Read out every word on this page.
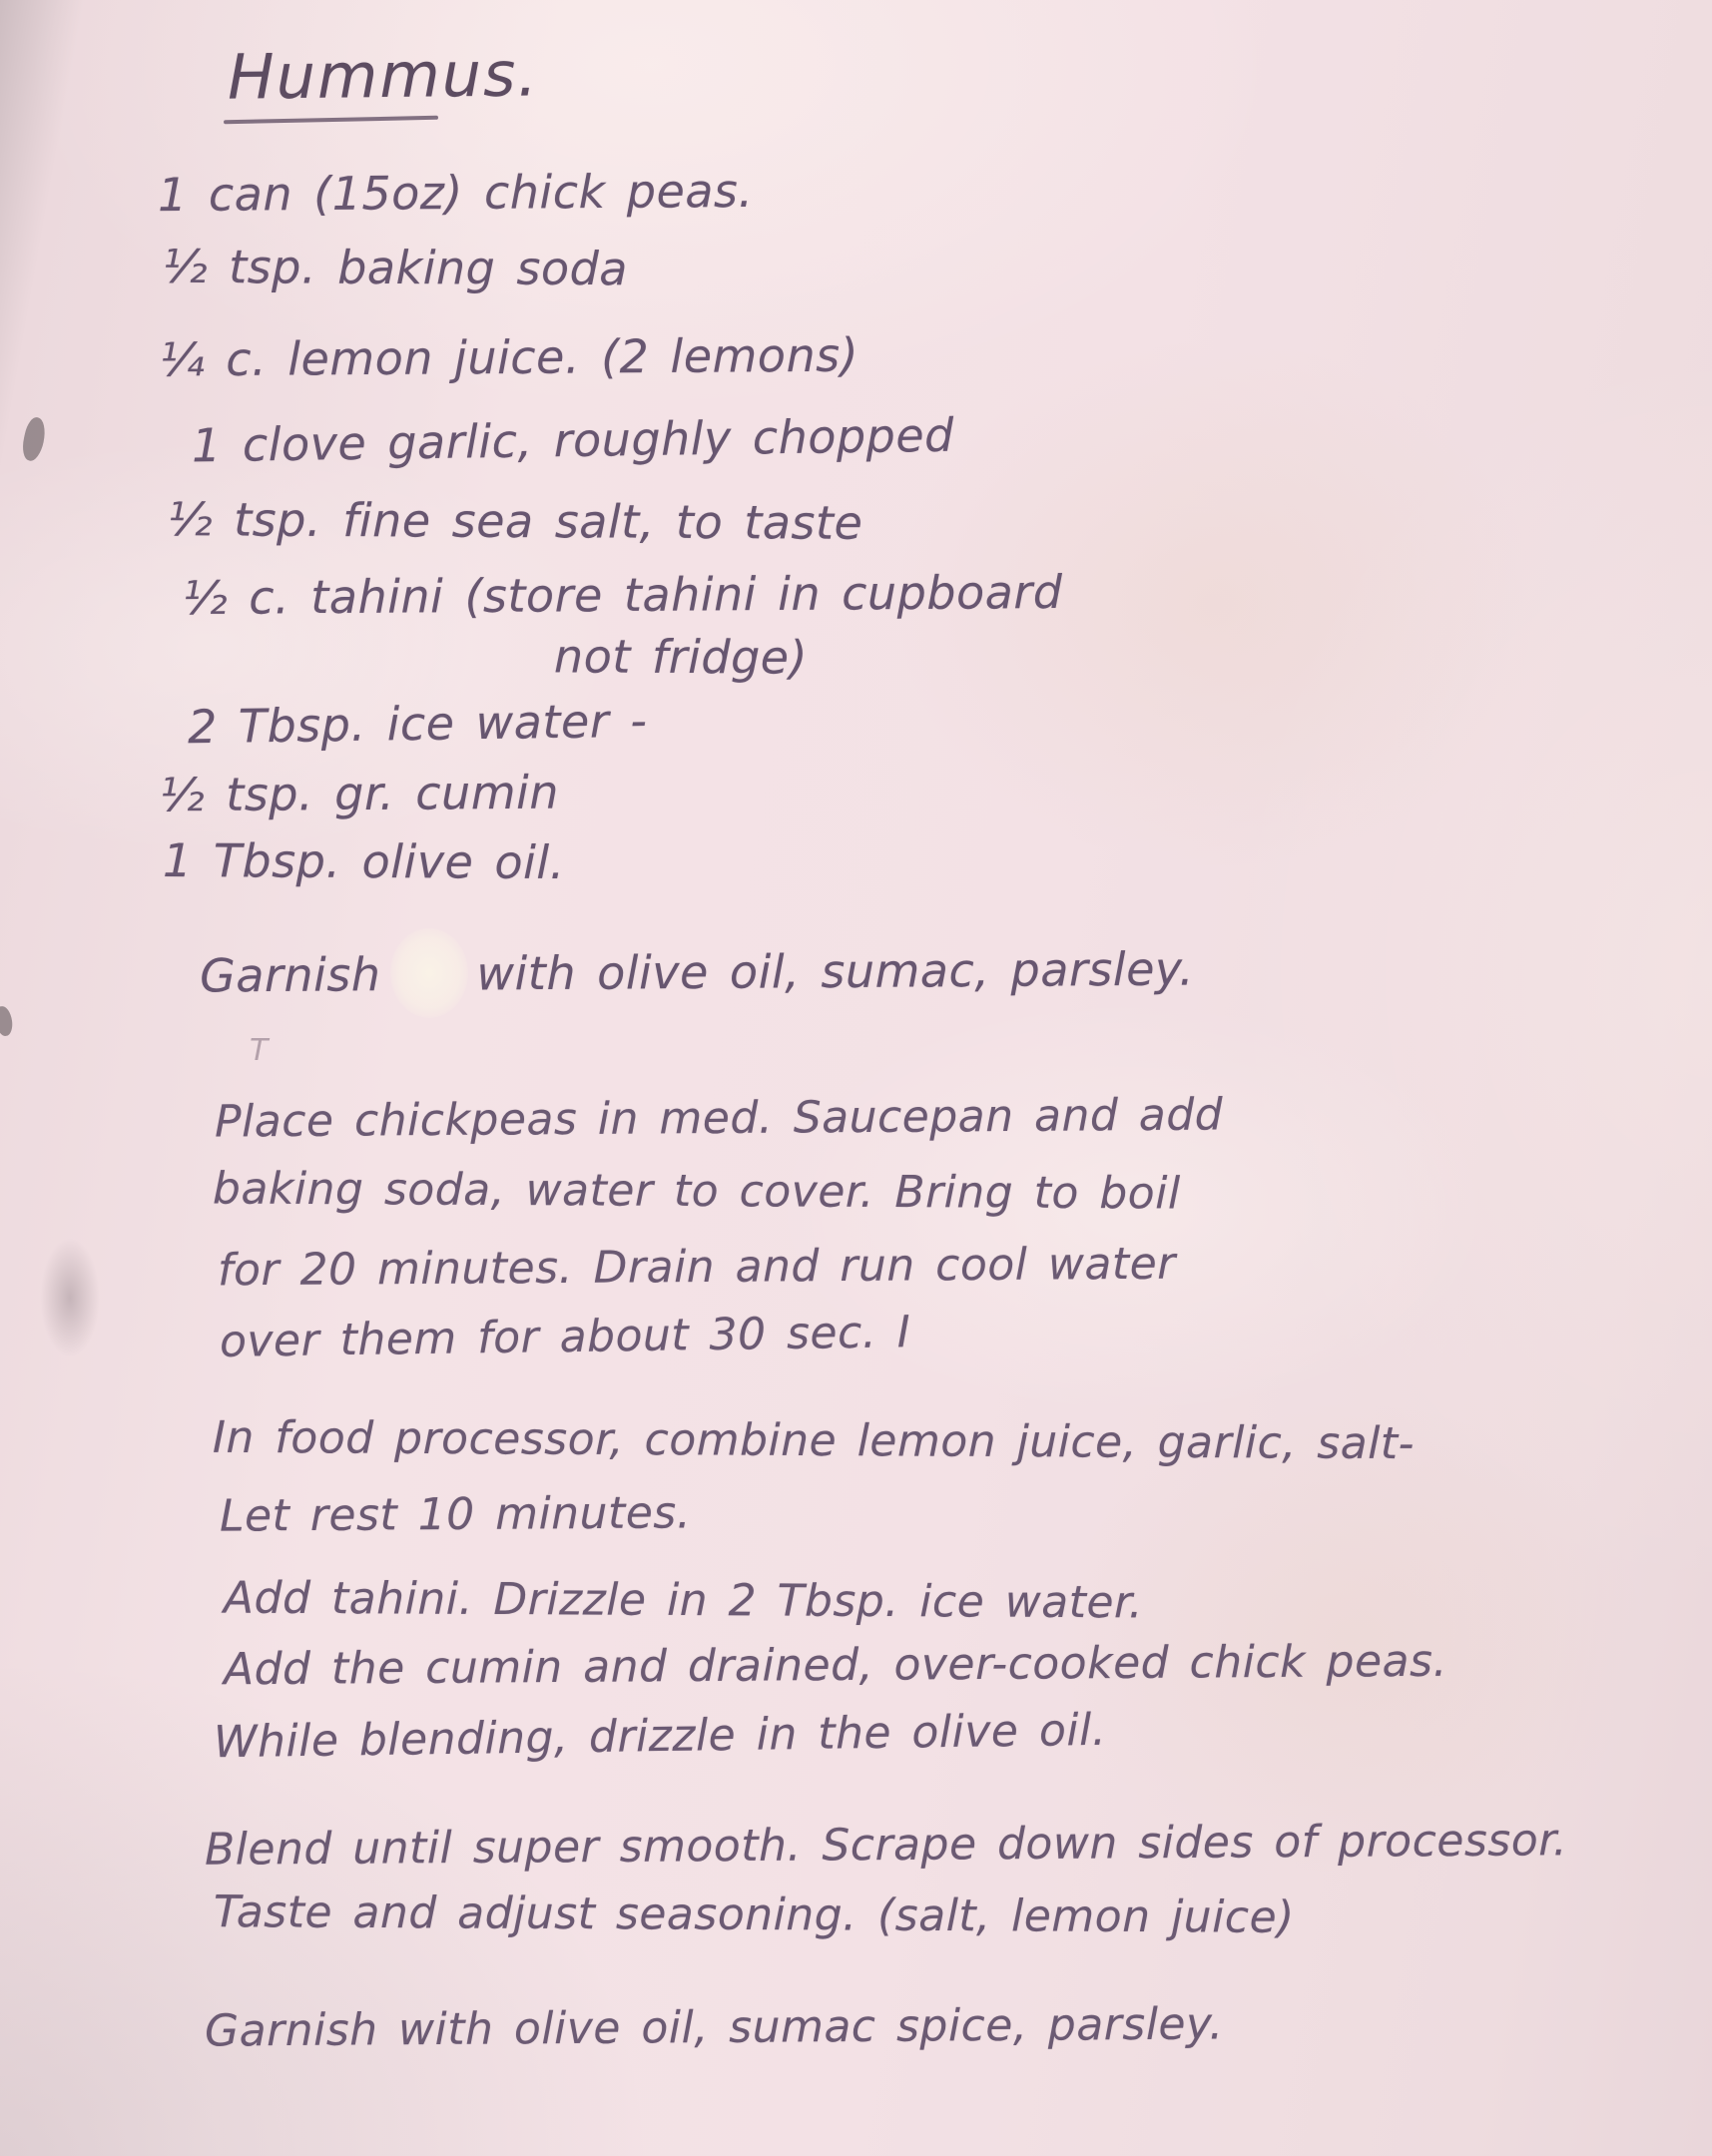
T
Hummus.
1 can (15oz) chick peas.
½ tsp. baking soda
¼ c. lemon juice. (2 lemons)
1 clove garlic, roughly chopped
½ tsp. fine sea salt, to taste
½ c. tahini (store tahini in cupboard
not fridge)
2 Tbsp. ice water -
½ tsp. gr. cumin
1 Tbsp. olive oil.
Garnish with olive oil, sumac, parsley.
Place chickpeas in med. Saucepan and add
baking soda, water to cover. Bring to boil
for 20 minutes. Drain and run cool water
over them for about 30 sec. I
In food processor, combine lemon juice, garlic, salt-
Let rest 10 minutes.
Add tahini. Drizzle in 2 Tbsp. ice water.
Add the cumin and drained, over-cooked chick peas.
While blending, drizzle in the olive oil.
Blend until super smooth. Scrape down sides of processor.
Taste and adjust seasoning. (salt, lemon juice)
Garnish with olive oil, sumac spice, parsley.
